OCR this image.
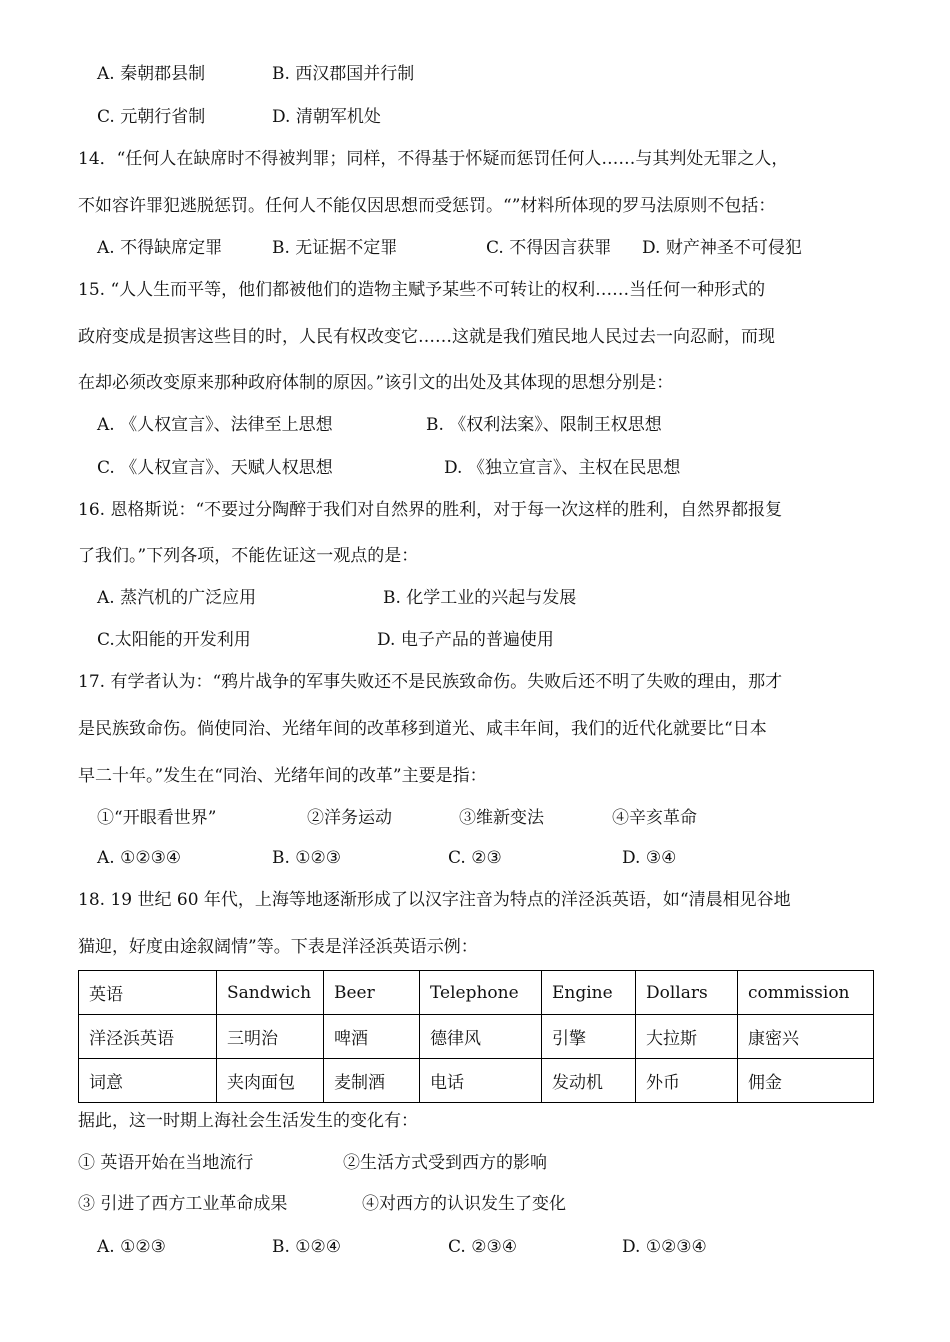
A. 秦朝郡县制	B. 西汉郡国并行制
C. 元朝行省制	D. 清朝军机处
14．“任何人在缺席时不得被判罪；同样，不得基于怀疑而惩罚任何人……与其判处无罪之人，
不如容许罪犯逃脱惩罚。任何人不能仅因思想而受惩罚。“”材料所体现的罗马法原则不包括：
A. 不得缺席定罪	B. 无证据不定罪	C. 不得因言获罪 D. 财产神圣不可侵犯
15. “人人生而平等，他们都被他们的造物主赋予某些不可转让的权利……当任何一种形式的
政府变成是损害这些目的时，人民有权改变它……这就是我们殖民地人民过去一向忍耐，而现
在却必须改变原来那种政府体制的原因。”该引文的出处及其体现的思想分别是：
A. 《人权宣言》、法律至上思想	B. 《权利法案》、限制王权思想
C. 《人权宣言》、天赋人权思想	D. 《独立宣言》、主权在民思想
16. 恩格斯说：“不要过分陶醉于我们对自然界的胜利，对于每一次这样的胜利，自然界都报复
了我们。”下列各项，不能佐证这一观点的是：
A. 蒸汽机的广泛应用	B. 化学工业的兴起与发展
C.太阳能的开发利用	D. 电子产品的普遍使用
17. 有学者认为：“鸦片战争的军事失败还不是民族致命伤。失败后还不明了失败的理由，那才
是民族致命伤。倘使同治、光绪年间的改革移到道光、咸丰年间，我们的近代化就要比“日本
早二十年。”发生在“同治、光绪年间的改革”主要是指：
①“开眼看世界”	②洋务运动	③维新变法	④辛亥革命
A. ①②③④	B. ①②③	C. ②③	D. ③④
18. 19 世纪 60 年代，上海等地逐渐形成了以汉字注音为特点的洋泾浜英语，如“清晨相见谷地
猫迎，好度由途叙阔情”等。下表是洋泾浜英语示例：
英语	Sandwich	Beer	Telephone	Engine	Dollars	commission
洋泾浜英语	三明治	啤酒	德律风	引擎	大拉斯	康密兴
词意	夹肉面包	麦制酒	电话	发动机	外币	佣金
据此，这一时期上海社会生活发生的变化有：
① 英语开始在当地流行	②生活方式受到西方的影响
③ 引进了西方工业革命成果	④对西方的认识发生了变化
A. ①②③	B. ①②④	C. ②③④	D. ①②③④
